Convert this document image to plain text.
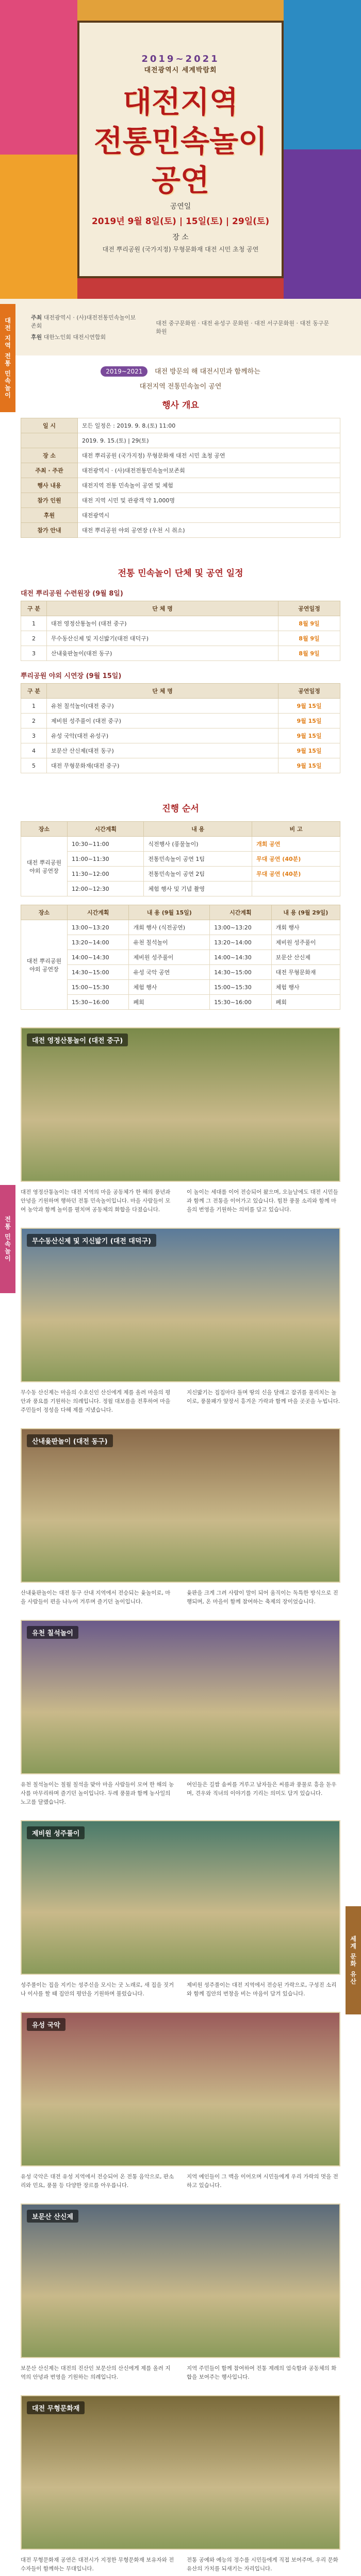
대전 지역 전통 민속놀이
전통 민속놀이
세계 문화 유산
2019~2021
대전광역시 세계박람회
대전지역
전통민속놀이
공연
공연일
2019년 9월 8일(토) | 15일(토) | 29일(토)
장 소
대전 뿌리공원 (국가지정) 무형문화재 대전 시민 초청 공연
주최 대전광역시 · (사)대전전통민속놀이보존회
후원 대한노인회 대전시연합회
대전 중구문화원 · 대전 유성구 문화원 · 대전 서구문화원 · 대전 동구문화원
2019~2021 대전 방문의 해 대전시민과 함께하는
대전지역 전통민속놀이 공연
행사 개요
일 시	모든 일정은 : 2019. 9. 8.(토) 11:00
	2019. 9. 15.(토) | 29(토)
장 소	대전 뿌리공원 (국가지정) 무형문화재 대전 시민 초청 공연
주최 · 주관	대전광역시 · (사)대전전통민속놀이보존회
행사 내용	대전지역 전통 민속놀이 공연 및 체험
참가 인원	대전 지역 시민 및 관광객 약 1,000명
후원	대전광역시
참가 안내	대전 뿌리공원 야외 공연장 (우천 시 취소)
전통 민속놀이 단체 및 공연 일정
대전 뿌리공원 수련원장 (9월 8일)
구 분	단 체 명	공연일정
1	대전 영정산통놀이 (대전 중구)	8월 9일
2	무수동산신제 및 지신밟기(대전 대덕구)	8월 9일
3	산내윷판놀이(대전 동구)	8월 9일
뿌리공원 야외 시연장 (9월 15일)
구 분	단 체 명	공연일정
1	유천 칠석놀이(대전 중구)	9월 15일
2	제비원 성주풀이 (대전 중구)	9월 15일
3	유성 국악(대전 유성구)	9월 15일
4	보문산 산신제(대전 동구)	9월 15일
5	대전 무형문화재(대전 중구)	9월 15일
진행 순서
장소	시간계획	내 용	비 고
대전 뿌리공원 야외 공연장	10:30~11:00	식전행사 (풍물놀이)	개회 공연
	11:00~11:30	전통민속놀이 공연 1팀	무대 공연 (40분)
	11:30~12:00	전통민속놀이 공연 2팀	무대 공연 (40분)
	12:00~12:30	체험 행사 및 기념 촬영	
장소	시간계획	내 용 (9월 15일)	시간계획	내 용 (9월 29일)
대전 뿌리공원 야외 공연장	13:00~13:20	개회 행사 (식전공연)	13:00~13:20	개회 행사
	13:20~14:00	유천 칠석놀이	13:20~14:00	제비원 성주풀이
	14:00~14:30	제비원 성주풀이	14:00~14:30	보문산 산신제
	14:30~15:00	유성 국악 공연	14:30~15:00	대전 무형문화재
	15:00~15:30	체험 행사	15:00~15:30	체험 행사
	15:30~16:00	폐회	15:30~16:00	폐회
대전 영정산통놀이 (대전 중구)

대전 영정산통놀이는 대전 지역의 마을 공동체가 한 해의 풍년과 안녕을 기원하며 행하던 전통 민속놀이입니다. 마을 사람들이 모여 농악과 함께 놀이를 펼치며 공동체의 화합을 다졌습니다.

이 놀이는 세대를 이어 전승되어 왔으며, 오늘날에도 대전 시민들과 함께 그 전통을 이어가고 있습니다. 힘찬 풍물 소리와 함께 마을의 번영을 기원하는 의미를 담고 있습니다.

무수동산신제 및 지신밟기 (대전 대덕구)

무수동 산신제는 마을의 수호신인 산신에게 제를 올려 마을의 평안과 풍요를 기원하는 의례입니다. 정월 대보름을 전후하여 마을 주민들이 정성을 다해 제를 지냈습니다.

지신밟기는 집집마다 돌며 땅의 신을 달래고 잡귀를 물리치는 놀이로, 풍물패가 앞장서 흥겨운 가락과 함께 마을 곳곳을 누빕니다.

산내윷판놀이 (대전 동구)

산내윷판놀이는 대전 동구 산내 지역에서 전승되는 윷놀이로, 마을 사람들이 편을 나누어 겨루며 즐기던 놀이입니다.

윷판을 크게 그려 사람이 말이 되어 움직이는 독특한 방식으로 진행되며, 온 마을이 함께 참여하는 축제의 장이었습니다.

유천 칠석놀이

유천 칠석놀이는 칠월 칠석을 맞아 마을 사람들이 모여 한 해의 농사를 마무리하며 즐기던 놀이입니다. 두레 풍물과 함께 농사일의 노고를 달랬습니다.

여인들은 길쌈 솜씨를 겨루고 남자들은 씨름과 풍물로 흥을 돋우며, 견우와 직녀의 이야기를 기리는 의미도 담겨 있습니다.

제비원 성주풀이

성주풀이는 집을 지키는 성주신을 모시는 굿 노래로, 새 집을 짓거나 이사를 할 때 집안의 평안을 기원하며 불렀습니다.

제비원 성주풀이는 대전 지역에서 전승된 가락으로, 구성진 소리와 함께 집안의 번창을 비는 마음이 담겨 있습니다.

유성 국악

유성 국악은 대전 유성 지역에서 전승되어 온 전통 음악으로, 판소리와 민요, 풍물 등 다양한 장르를 아우릅니다.

지역 예인들이 그 맥을 이어오며 시민들에게 우리 가락의 멋을 전하고 있습니다.

보문산 산신제

보문산 산신제는 대전의 진산인 보문산의 산신에게 제를 올려 지역의 안녕과 번영을 기원하는 의례입니다.

지역 주민들이 함께 참여하여 전통 제례의 엄숙함과 공동체의 화합을 보여주는 행사입니다.

대전 무형문화재

대전 무형문화재 공연은 대전시가 지정한 무형문화재 보유자와 전수자들이 함께하는 무대입니다.

전통 공예와 예능의 정수를 시민들에게 직접 보여주며, 우리 문화유산의 가치를 되새기는 자리입니다.
